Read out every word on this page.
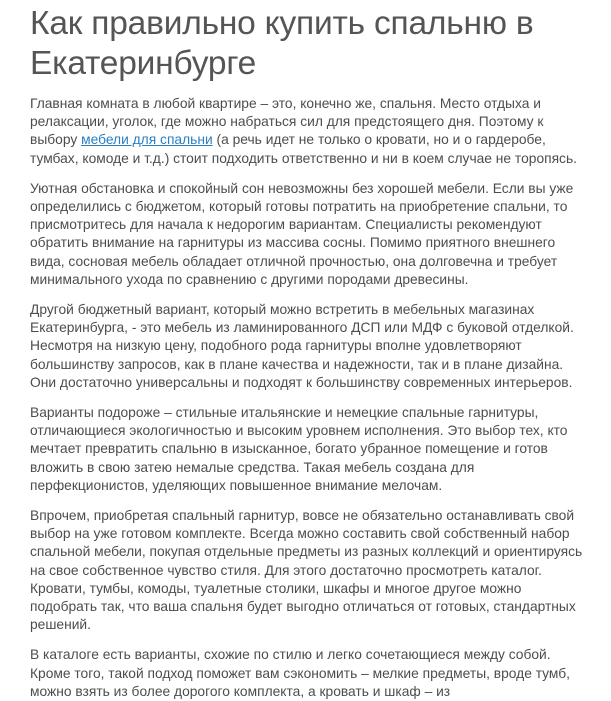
Как правильно купить спальню в Екатеринбурге

Главная комната в любой квартире – это, конечно же, спальня. Место отдыха и релаксации, уголок, где можно набраться сил для предстоящего дня. Поэтому к выбору мебели для спальни (а речь идет не только о кровати, но и о гардеробе, тумбах, комоде и т.д.) стоит подходить ответственно и ни в коем случае не торопясь.

Уютная обстановка и спокойный сон невозможны без хорошей мебели. Если вы уже определились с бюджетом, который готовы потратить на приобретение спальни, то присмотритесь для начала к недорогим вариантам. Специалисты рекомендуют обратить внимание на гарнитуры из массива сосны. Помимо приятного внешнего вида, сосновая мебель обладает отличной прочностью, она долговечна и требует минимального ухода по сравнению с другими породами древесины.

Другой бюджетный вариант, который можно встретить в мебельных магазинах Екатеринбурга, - это мебель из ламинированного ДСП или МДФ с буковой отделкой. Несмотря на низкую цену, подобного рода гарнитуры вполне удовлетворяют большинству запросов, как в плане качества и надежности, так и в плане дизайна. Они достаточно универсальны и подходят к большинству современных интерьеров.

Варианты подороже – стильные итальянские и немецкие спальные гарнитуры, отличающиеся экологичностью и высоким уровнем исполнения. Это выбор тех, кто мечтает превратить спальню в изысканное, богато убранное помещение и готов вложить в свою затею немалые средства. Такая мебель создана для перфекционистов, уделяющих повышенное внимание мелочам.

Впрочем, приобретая спальный гарнитур, вовсе не обязательно останавливать свой выбор на уже готовом комплекте. Всегда можно составить свой собственный набор спальной мебели, покупая отдельные предметы из разных коллекций и ориентируясь на свое собственное чувство стиля. Для этого достаточно просмотреть каталог. Кровати, тумбы, комоды, туалетные столики, шкафы и многое другое можно подобрать так, что ваша спальня будет выгодно отличаться от готовых, стандартных решений.

В каталоге есть варианты, схожие по стилю и легко сочетающиеся между собой. Кроме того, такой подход поможет вам сэкономить – мелкие предметы, вроде тумб, можно взять из более дорогого комплекта, а кровать и шкаф – из
